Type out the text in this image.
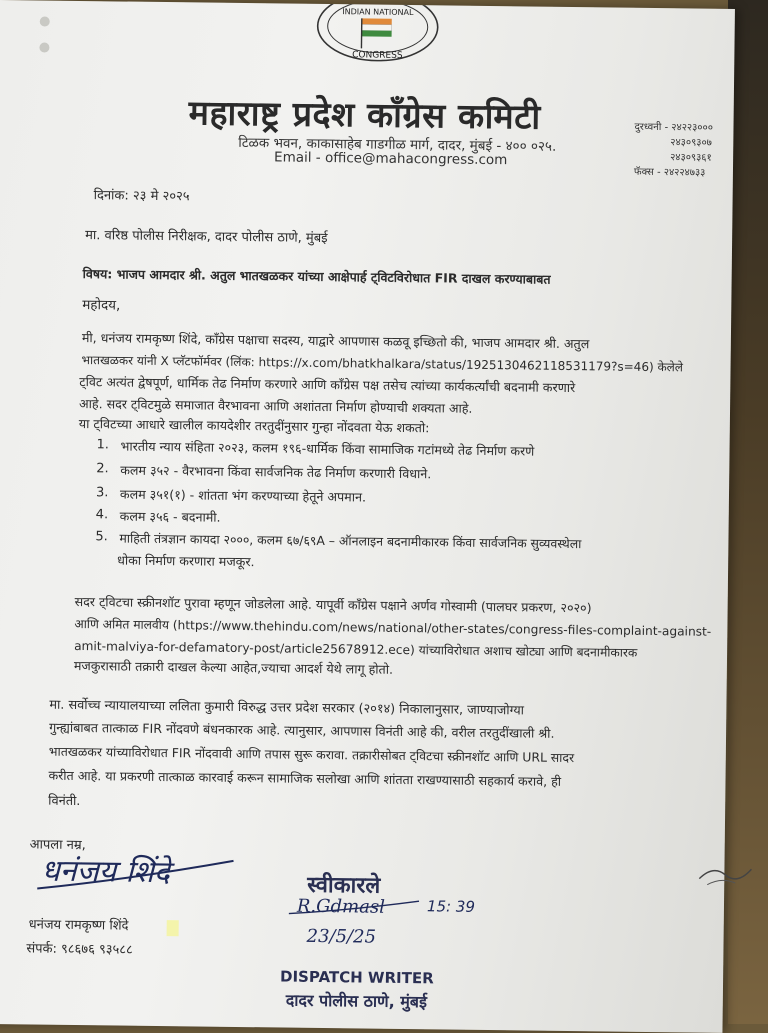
INDIAN NATIONAL
CONGRESS
महाराष्ट्र प्रदेश काँग्रेस कमिटी
टिळक भवन, काकासाहेब गाडगीळ मार्ग, दादर, मुंबई - ४०० ०२५.
Email - office@mahacongress.com
दुरध्वनी - २४२२३०००
२४३०९३०७
२४३०९३६१
फॅक्स - २४२२४७३३
दिनांक: २३ मे २०२५
मा. वरिष्ठ पोलीस निरीक्षक, दादर पोलीस ठाणे, मुंबई
विषय: भाजप आमदार श्री. अतुल भातखळकर यांच्या आक्षेपार्ह ट्विटविरोधात FIR दाखल करण्याबाबत
महोदय,
मी, धनंजय रामकृष्ण शिंदे, काँग्रेस पक्षाचा सदस्य, याद्वारे आपणास कळवू इच्छितो की, भाजप आमदार श्री. अतुल
भातखळकर यांनी X प्लॅटफॉर्मवर (लिंक: https://x.com/bhatkhalkara/status/1925130462118531179?s=46) केलेले
ट्विट अत्यंत द्वेषपूर्ण, धार्मिक तेढ निर्माण करणारे आणि काँग्रेस पक्ष तसेच त्यांच्या कार्यकर्त्यांची बदनामी करणारे
आहे. सदर ट्विटमुळे समाजात वैरभावना आणि अशांतता निर्माण होण्याची शक्यता आहे.
या ट्विटच्या आधारे खालील कायदेशीर तरतुदींनुसार गुन्हा नोंदवता येऊ शकतो:
1. भारतीय न्याय संहिता २०२३, कलम १९६-धार्मिक किंवा सामाजिक गटांमध्ये तेढ निर्माण करणे
2. कलम ३५२ - वैरभावना किंवा सार्वजनिक तेढ निर्माण करणारी विधाने.
3. कलम ३५१(१) - शांतता भंग करण्याच्या हेतूने अपमान.
4. कलम ३५६ - बदनामी.
5. माहिती तंत्रज्ञान कायदा २०००, कलम ६७/६९A – ऑनलाइन बदनामीकारक किंवा सार्वजनिक सुव्यवस्थेला
धोका निर्माण करणारा मजकूर.
सदर ट्विटचा स्क्रीनशॉट पुरावा म्हणून जोडलेला आहे. यापूर्वी काँग्रेस पक्षाने अर्णव गोस्वामी (पालघर प्रकरण, २०२०)
आणि अमित मालवीय (https://www.thehindu.com/news/national/other-states/congress-files-complaint-against-
amit-malviya-for-defamatory-post/article25678912.ece) यांच्याविरोधात अशाच खोट्या आणि बदनामीकारक
मजकुरासाठी तक्रारी दाखल केल्या आहेत,ज्याचा आदर्श येथे लागू होतो.
मा. सर्वोच्च न्यायालयाच्या ललिता कुमारी विरुद्ध उत्तर प्रदेश सरकार (२०१४) निकालानुसार, जाण्याजोग्या
गुन्ह्यांबाबत तात्काळ FIR नोंदवणे बंधनकारक आहे. त्यानुसार, आपणास विनंती आहे की, वरील तरतुदींखाली श्री.
भातखळकर यांच्याविरोधात FIR नोंदवावी आणि तपास सुरू करावा. तक्रारीसोबत ट्विटचा स्क्रीनशॉट आणि URL सादर
करीत आहे. या प्रकरणी तात्काळ कारवाई करून सामाजिक सलोखा आणि शांतता राखण्यासाठी सहकार्य करावे, ही
विनंती.
आपला नम्र,
धनंजय शिंदे
धनंजय रामकृष्ण शिंदे
संपर्क: ९८६७६ ९३५८८
स्वीकारले
R.Gdmasl	15: 39
23/5/25
DISPATCH WRITER
दादर पोलीस ठाणे, मुंबई
